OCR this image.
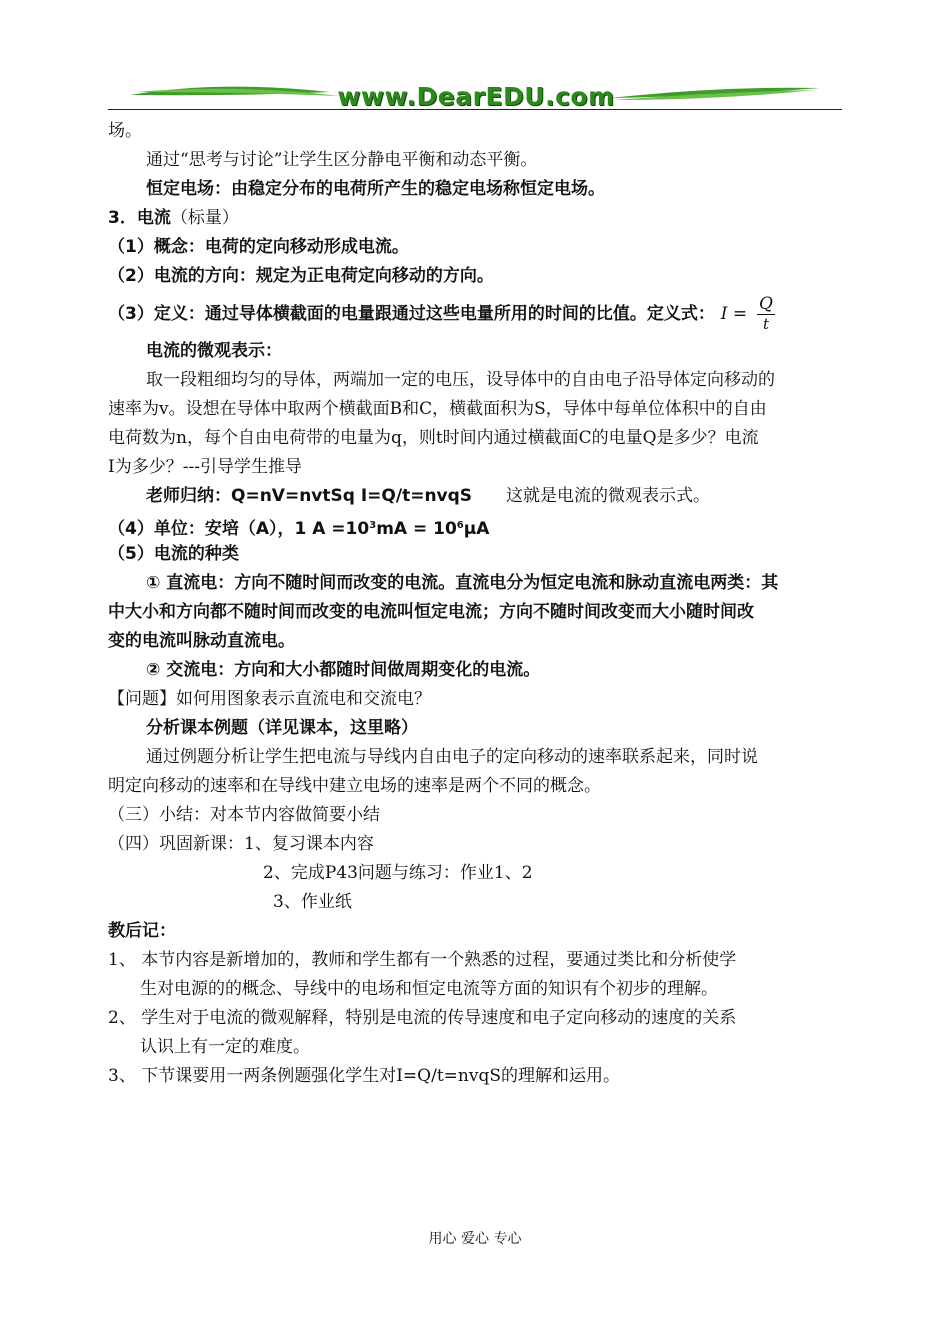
www.DearEDU.com
场。
通过“思考与讨论”让学生区分静电平衡和动态平衡。
恒定电场：由稳定分布的电荷所产生的稳定电场称恒定电场。
3．电流（标量）
（1）概念：电荷的定向移动形成电流。
（2）电流的方向：规定为正电荷定向移动的方向。
（3）定义：通过导体横截面的电量跟通过这些电量所用的时间的比值。定义式： $I = \frac{Q}{t}$
电流的微观表示：
取一段粗细均匀的导体，两端加一定的电压，设导体中的自由电子沿导体定向移动的
速率为v。设想在导体中取两个横截面B和C，横截面积为S，导体中每单位体积中的自由
电荷数为n，每个自由电荷带的电量为q，则t时间内通过横截面C的电量Q是多少？电流
I为多少？---引导学生推导
老师归纳：Q=nV=nvtSq I=Q/t=nvqS 这就是电流的微观表示式。
（4）单位：安培（A），1 $A =10^3mA = 10^6\mu A$
（5）电流的种类
① 直流电：方向不随时间而改变的电流。直流电分为恒定电流和脉动直流电两类：其
中大小和方向都不随时间而改变的电流叫恒定电流；方向不随时间改变而大小随时间改
变的电流叫脉动直流电。
② 交流电：方向和大小都随时间做周期变化的电流。
【问题】如何用图象表示直流电和交流电？
分析课本例题（详见课本，这里略）
通过例题分析让学生把电流与导线内自由电子的定向移动的速率联系起来，同时说
明定向移动的速率和在导线中建立电场的速率是两个不同的概念。
（三）小结：对本节内容做简要小结
（四）巩固新课：1、复习课本内容
2、完成P43问题与练习：作业1、2
3、作业纸
教后记：
1、 本节内容是新增加的，教师和学生都有一个熟悉的过程，要通过类比和分析使学
生对电源的的概念、导线中的电场和恒定电流等方面的知识有个初步的理解。
2、 学生对于电流的微观解释，特别是电流的传导速度和电子定向移动的速度的关系
认识上有一定的难度。
3、 下节课要用一两条例题强化学生对I=Q/t=nvqS的理解和运用。
用心 爱心 专心
